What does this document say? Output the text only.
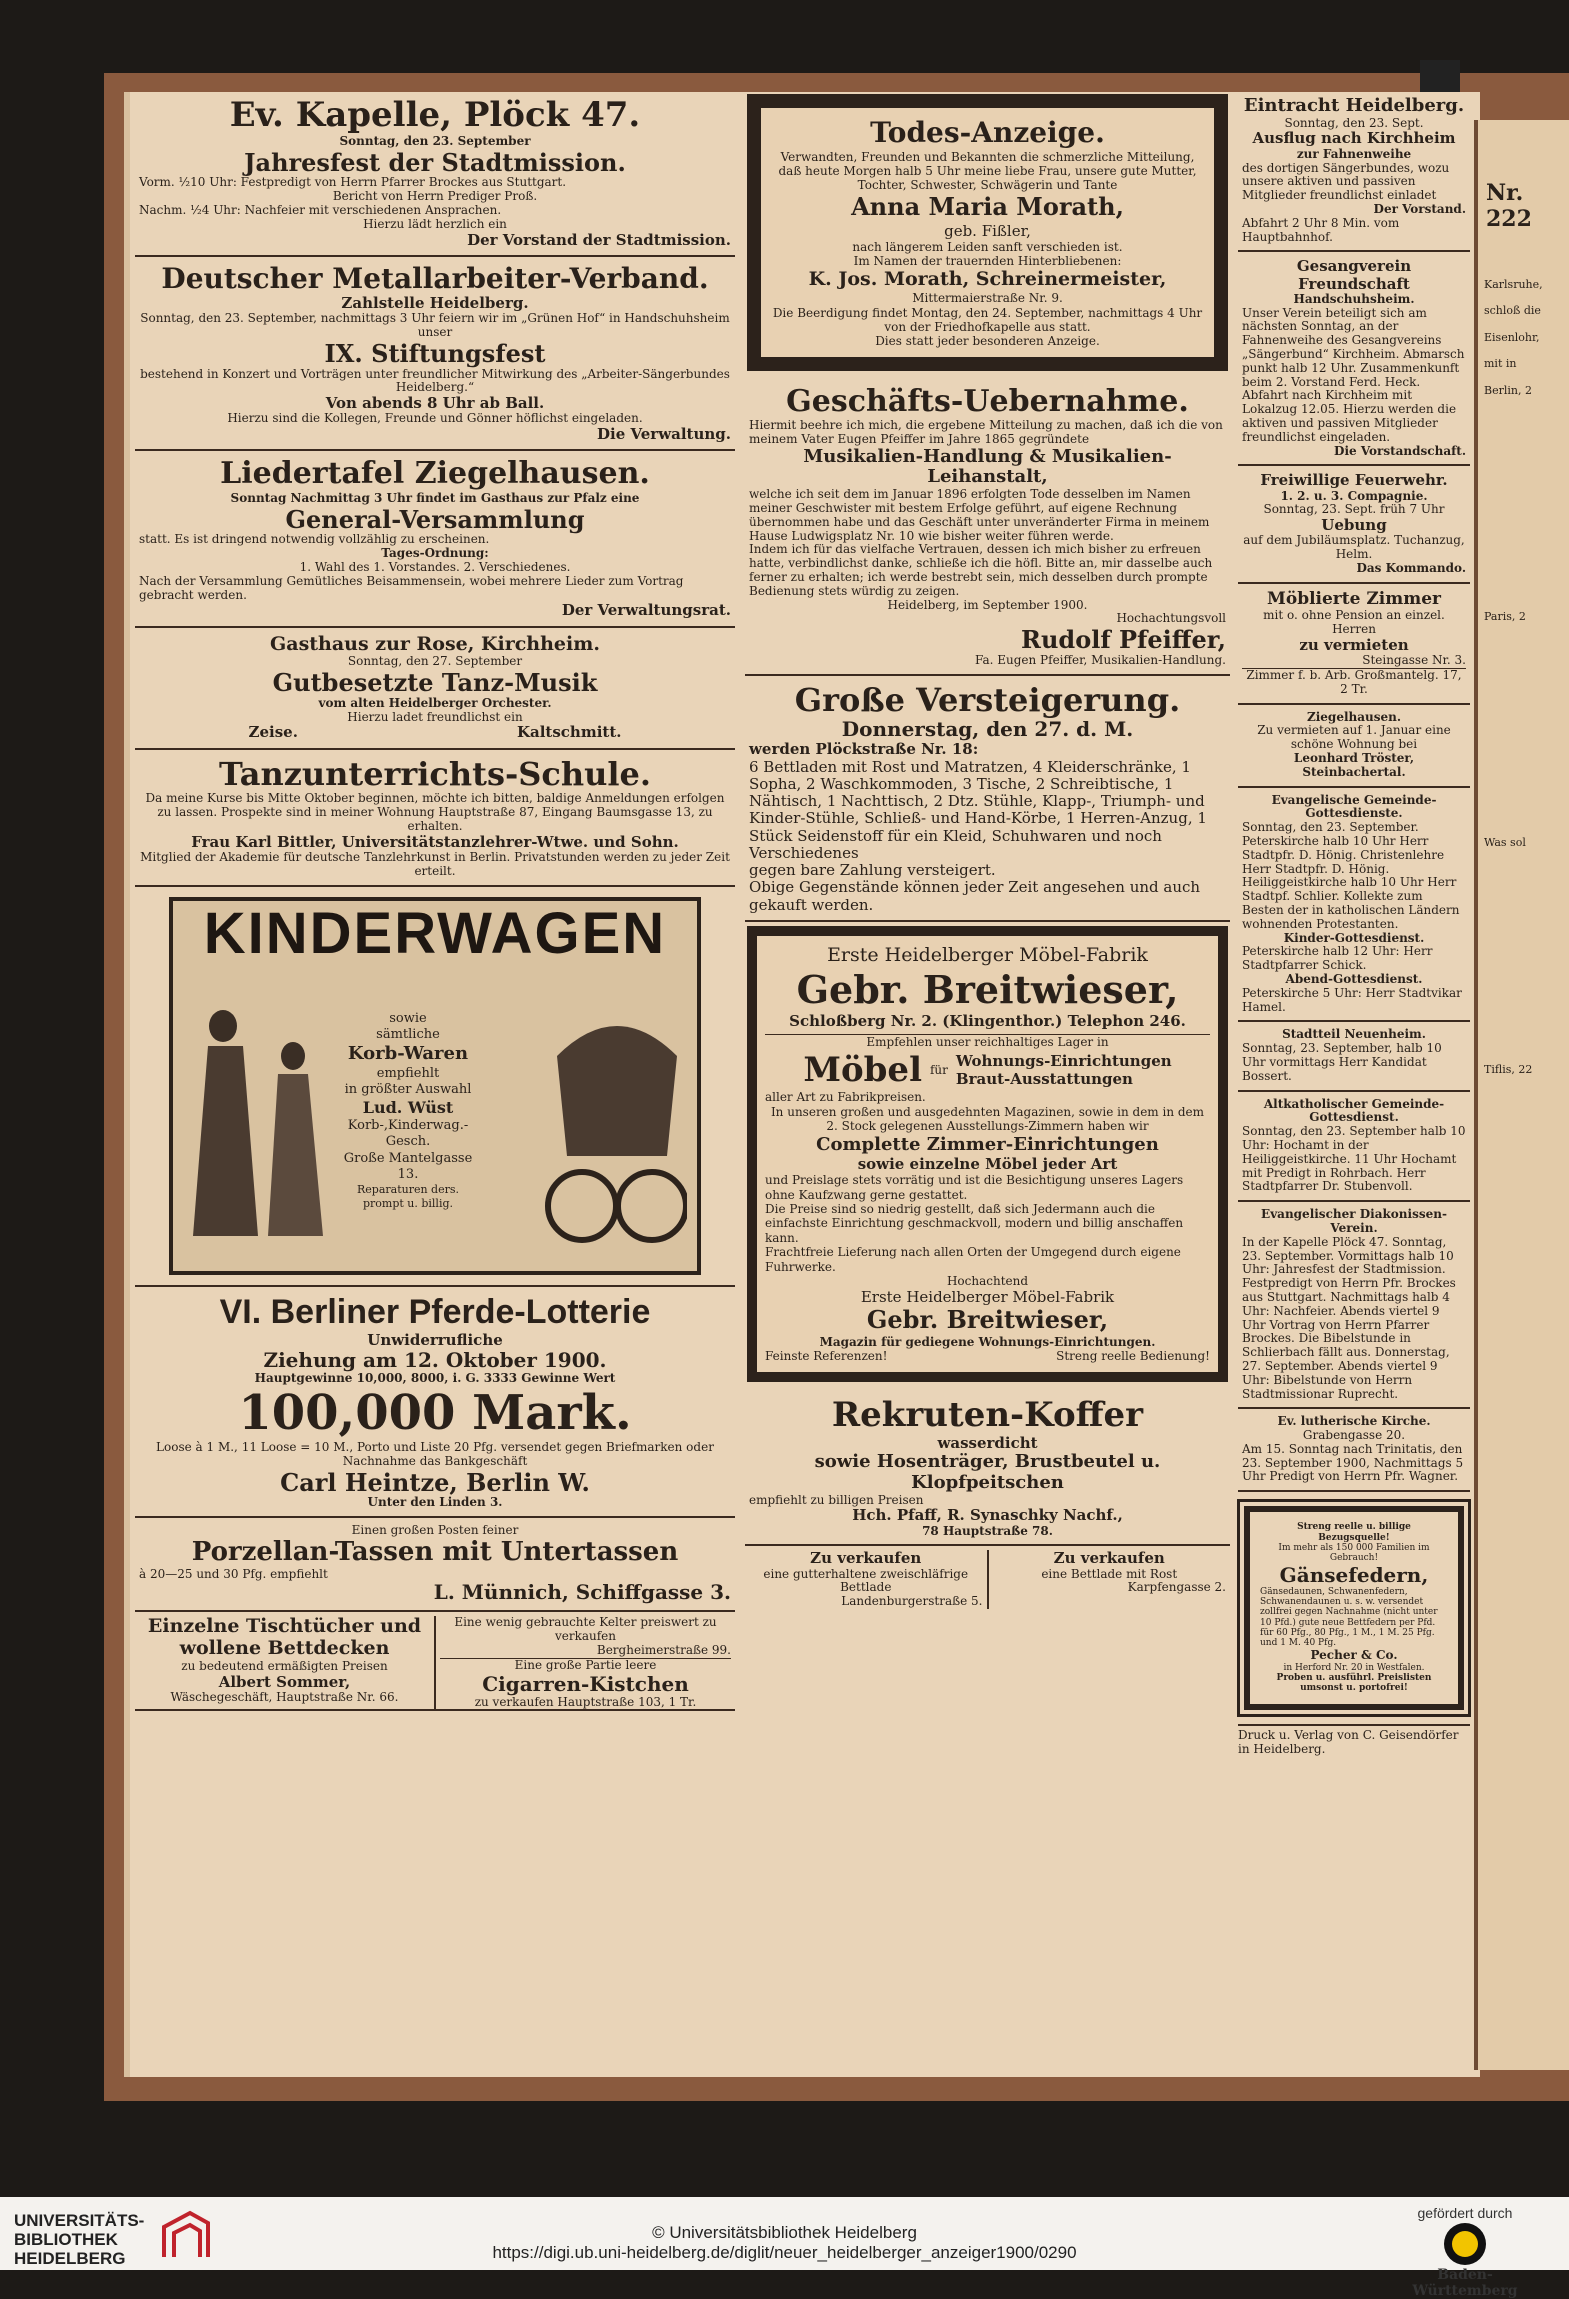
Ev. Kapelle, Plöck 47.
Sonntag, den 23. September
Jahresfest der Stadtmission.
Vorm. ½10 Uhr: Festpredigt von Herrn Pfarrer Brockes aus Stuttgart.
Bericht von Herrn Prediger Proß.
Nachm. ½4 Uhr: Nachfeier mit verschiedenen Ansprachen.
Hierzu lädt herzlich ein
Der Vorstand der Stadtmission.
Deutscher Metallarbeiter-Verband.
Zahlstelle Heidelberg.
Sonntag, den 23. September, nachmittags 3 Uhr feiern wir im „Grünen Hof“ in Handschuhsheim unser
IX. Stiftungsfest
bestehend in Konzert und Vorträgen unter freundlicher Mitwirkung des „Arbeiter-Sängerbundes Heidelberg.“
Von abends 8 Uhr ab Ball.
Hierzu sind die Kollegen, Freunde und Gönner höflichst eingeladen.
Die Verwaltung.
Liedertafel Ziegelhausen.
Sonntag Nachmittag 3 Uhr findet im Gasthaus zur Pfalz eine
General-Versammlung
statt. Es ist dringend notwendig vollzählig zu erscheinen.
Tages-Ordnung:
1. Wahl des 1. Vorstandes. 2. Verschiedenes.
Nach der Versammlung Gemütliches Beisammensein, wobei mehrere Lieder zum Vortrag gebracht werden.
Der Verwaltungsrat.
Gasthaus zur Rose, Kirchheim.
Sonntag, den 27. September
Gutbesetzte Tanz-Musik
vom alten Heidelberger Orchester.
Hierzu ladet freundlichst ein
Zeise.	Kaltschmitt.
Tanzunterrichts-Schule.
Da meine Kurse bis Mitte Oktober beginnen, möchte ich bitten, baldige Anmeldungen erfolgen zu lassen. Prospekte sind in meiner Wohnung Hauptstraße 87, Eingang Baumsgasse 13, zu erhalten.
Frau Karl Bittler, Universitätstanzlehrer-Wtwe. und Sohn.
Mitglied der Akademie für deutsche Tanzlehrkunst in Berlin. Privatstunden werden zu jeder Zeit erteilt.
KINDERWAGEN
sowie
sämtliche
Korb-Waren
empfiehlt
in größter Auswahl
Lud. Wüst
Korb-,Kinderwag.-Gesch.
Große Mantelgasse 13.
Reparaturen ders. prompt u. billig.
VI. Berliner Pferde-Lotterie
Unwiderrufliche
Ziehung am 12. Oktober 1900.
Hauptgewinne 10,000, 8000, i. G. 3333 Gewinne Wert
100,000 Mark.
Loose à 1 M., 11 Loose = 10 M., Porto und Liste 20 Pfg. versendet gegen Briefmarken oder Nachnahme das Bankgeschäft
Carl Heintze, Berlin W.
Unter den Linden 3.
Einen großen Posten feiner
Porzellan-Tassen mit Untertassen
à 20—25 und 30 Pfg. empfiehlt
L. Münnich, Schiffgasse 3.
Einzelne Tischtücher und wollene Bettdecken
zu bedeutend ermäßigten Preisen
Albert Sommer,
Wäschegeschäft, Hauptstraße Nr. 66.
Eine wenig gebrauchte Kelter preiswert zu verkaufen
Bergheimerstraße 99.
Eine große Partie leere
Cigarren-Kistchen
zu verkaufen Hauptstraße 103, 1 Tr.
Todes-Anzeige.
Verwandten, Freunden und Bekannten die schmerzliche Mitteilung, daß heute Morgen halb 5 Uhr meine liebe Frau, unsere gute Mutter, Tochter, Schwester, Schwägerin und Tante
Anna Maria Morath,
geb. Fißler,
nach längerem Leiden sanft verschieden ist.
Im Namen der trauernden Hinterbliebenen:
K. Jos. Morath, Schreinermeister,
Mittermaierstraße Nr. 9.
Die Beerdigung findet Montag, den 24. September, nachmittags 4 Uhr von der Friedhofkapelle aus statt.
Dies statt jeder besonderen Anzeige.
Geschäfts-Uebernahme.
Hiermit beehre ich mich, die ergebene Mitteilung zu machen, daß ich die von meinem Vater Eugen Pfeiffer im Jahre 1865 gegründete
Musikalien-Handlung & Musikalien-Leihanstalt,
welche ich seit dem im Januar 1896 erfolgten Tode desselben im Namen meiner Geschwister mit bestem Erfolge geführt, auf eigene Rechnung übernommen habe und das Geschäft unter unveränderter Firma in meinem Hause Ludwigsplatz Nr. 10 wie bisher weiter führen werde.
Indem ich für das vielfache Vertrauen, dessen ich mich bisher zu erfreuen hatte, verbindlichst danke, schließe ich die höfl. Bitte an, mir dasselbe auch ferner zu erhalten; ich werde bestrebt sein, mich desselben durch prompte Bedienung stets würdig zu zeigen.
Heidelberg, im September 1900.
Hochachtungsvoll
Rudolf Pfeiffer,
Fa. Eugen Pfeiffer, Musikalien-Handlung.
Große Versteigerung.
Donnerstag, den 27. d. M.
werden Plöckstraße Nr. 18:
6 Bettladen mit Rost und Matratzen, 4 Kleiderschränke, 1 Sopha, 2 Waschkommoden, 3 Tische, 2 Schreibtische, 1 Nähtisch, 1 Nachttisch, 2 Dtz. Stühle, Klapp-, Triumph- und Kinder-Stühle, Schließ- und Hand-Körbe, 1 Herren-Anzug, 1 Stück Seidenstoff für ein Kleid, Schuhwaren und noch Verschiedenes
gegen bare Zahlung versteigert.
Obige Gegenstände können jeder Zeit angesehen und auch gekauft werden.
Erste Heidelberger Möbel-Fabrik
Gebr. Breitwieser,
Schloßberg Nr. 2. (Klingenthor.) Telephon 246.
Empfehlen unser reichhaltiges Lager in
Möbel für Wohnungs-Einrichtungen
Braut-Ausstattungen
aller Art zu Fabrikpreisen.
In unseren großen und ausgedehnten Magazinen, sowie in dem in dem 2. Stock gelegenen Ausstellungs-Zimmern haben wir
Complette Zimmer-Einrichtungen
sowie einzelne Möbel jeder Art
und Preislage stets vorrätig und ist die Besichtigung unseres Lagers ohne Kaufzwang gerne gestattet.
Die Preise sind so niedrig gestellt, daß sich Jedermann auch die einfachste Einrichtung geschmackvoll, modern und billig anschaffen kann.
Frachtfreie Lieferung nach allen Orten der Umgegend durch eigene Fuhrwerke.
Hochachtend
Erste Heidelberger Möbel-Fabrik
Gebr. Breitwieser,
Magazin für gediegene Wohnungs-Einrichtungen.
Feinste Referenzen!	Streng reelle Bedienung!
Rekruten-Koffer
wasserdicht
sowie Hosenträger, Brustbeutel u. Klopfpeitschen
empfiehlt zu billigen Preisen
Hch. Pfaff, R. Synaschky Nachf.,
78 Hauptstraße 78.
Zu verkaufen
eine gutterhaltene zweischläfrige Bettlade
Landenburgerstraße 5.
Zu verkaufen
eine Bettlade mit Rost
Karpfengasse 2.
Eintracht Heidelberg.
Sonntag, den 23. Sept.
Ausflug nach Kirchheim
zur Fahnenweihe
des dortigen Sängerbundes, wozu unsere aktiven und passiven Mitglieder freundlichst einladet
Der Vorstand.
Abfahrt 2 Uhr 8 Min. vom Hauptbahnhof.
Gesangverein Freundschaft
Handschuhsheim.
Unser Verein beteiligt sich am nächsten Sonntag, an der Fahnenweihe des Gesangvereins „Sängerbund“ Kirchheim. Abmarsch punkt halb 12 Uhr. Zusammenkunft beim 2. Vorstand Ferd. Heck. Abfahrt nach Kirchheim mit Lokalzug 12.05. Hierzu werden die aktiven und passiven Mitglieder freundlichst eingeladen.
Die Vorstandschaft.
Freiwillige Feuerwehr.
1. 2. u. 3. Compagnie.
Sonntag, 23. Sept. früh 7 Uhr
Uebung
auf dem Jubiläumsplatz. Tuchanzug, Helm.
Das Kommando.
Möblierte Zimmer
mit o. ohne Pension an einzel. Herren
zu vermieten
Steingasse Nr. 3.
Zimmer f. b. Arb. Großmantelg. 17, 2 Tr.
Ziegelhausen.
Zu vermieten auf 1. Januar eine schöne Wohnung bei
Leonhard Tröster, Steinbachertal.
Evangelische Gemeinde-Gottesdienste.
Sonntag, den 23. September. Peterskirche halb 10 Uhr Herr Stadtpfr. D. Hönig. Christenlehre Herr Stadtpfr. D. Hönig. Heiliggeistkirche halb 10 Uhr Herr Stadtpf. Schlier. Kollekte zum Besten der in katholischen Ländern wohnenden Protestanten.
Kinder-Gottesdienst.
Peterskirche halb 12 Uhr: Herr Stadtpfarrer Schick.
Abend-Gottesdienst.
Peterskirche 5 Uhr: Herr Stadtvikar Hamel.
Stadtteil Neuenheim.
Sonntag, 23. September, halb 10 Uhr vormittags Herr Kandidat Bossert.
Altkatholischer Gemeinde-Gottesdienst.
Sonntag, den 23. September halb 10 Uhr: Hochamt in der Heiliggeistkirche. 11 Uhr Hochamt mit Predigt in Rohrbach. Herr Stadtpfarrer Dr. Stubenvoll.
Evangelischer Diakonissen-Verein.
In der Kapelle Plöck 47. Sonntag, 23. September. Vormittags halb 10 Uhr: Jahresfest der Stadtmission. Festpredigt von Herrn Pfr. Brockes aus Stuttgart. Nachmittags halb 4 Uhr: Nachfeier. Abends viertel 9 Uhr Vortrag von Herrn Pfarrer Brockes. Die Bibelstunde in Schlierbach fällt aus. Donnerstag, 27. September. Abends viertel 9 Uhr: Bibelstunde von Herrn Stadtmissionar Ruprecht.
Ev. lutherische Kirche.
Grabengasse 20.
Am 15. Sonntag nach Trinitatis, den 23. September 1900, Nachmittags 5 Uhr Predigt von Herrn Pfr. Wagner.
Streng reelle u. billige Bezugsquelle!
Im mehr als 150 000 Familien im Gebrauch!
Gänsefedern,
Gänsedaunen, Schwanenfedern, Schwanendaunen u. s. w. versendet zollfrei gegen Nachnahme (nicht unter 10 Pfd.) gute neue Bettfedern per Pfd. für 60 Pfg., 80 Pfg., 1 M., 1 M. 25 Pfg. und 1 M. 40 Pfg.
Pecher & Co.
in Herford Nr. 20 in Westfalen.
Proben u. ausführl. Preislisten umsonst u. portofrei!
Druck u. Verlag von C. Geisendörfer in Heidelberg.
Nr. 222
Karlsruhe,
schloß die
Eisenlohr,
mit in
Berlin, 2
Paris, 2
Was sol
Tiflis, 22
UNIVERSITÄTS-
BIBLIOTHEK
HEIDELBERG
© Universitätsbibliothek Heidelberg
https://digi.ub.uni-heidelberg.de/diglit/neuer_heidelberger_anzeiger1900/0290
gefördert durch
Baden-Württemberg
